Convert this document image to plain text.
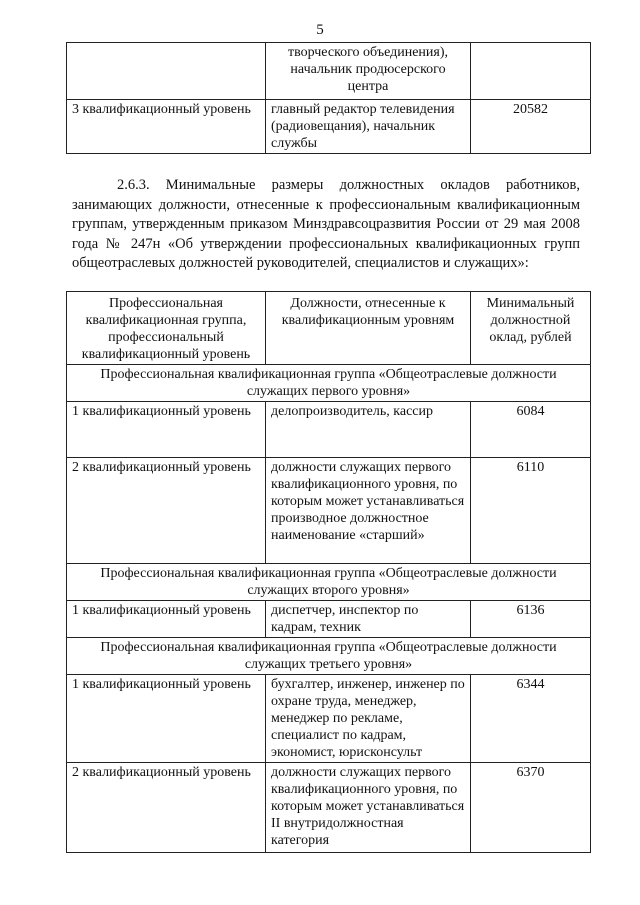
5
	творческого объединения), начальник продюсерского центра	
3 квалификационный уровень	главный редактор телевидения (радиовещания), начальник службы	20582
2.6.3. Минимальные размеры должностных окладов работников, занимающих должности, отнесенные к профессиональным квалификационным группам, утвержденным приказом Минздравсоцразвития России от 29 мая 2008 года № 247н «Об утверждении профессиональных квалификационных групп общеотраслевых должностей руководителей, специалистов и служащих»:
Профессиональная квалификационная группа, профессиональный квалификационный уровень	Должности, отнесенные к квалификационным уровням	Минимальный должностной оклад, рублей
Профессиональная квалификационная группа «Общеотраслевые должности служащих первого уровня»		
1 квалификационный уровень	делопроизводитель, кассир	6084
2 квалификационный уровень	должности служащих первого квалификационного уровня, по которым может устанавливаться производное должностное наименование «старший»	6110
Профессиональная квалификационная группа «Общеотраслевые должности служащих второго уровня»		
1 квалификационный уровень	диспетчер, инспектор по кадрам, техник	6136
Профессиональная квалификационная группа «Общеотраслевые должности служащих третьего уровня»		
1 квалификационный уровень	бухгалтер, инженер, инженер по охране труда, менеджер, менеджер по рекламе, специалист по кадрам, экономист, юрисконсульт	6344
2 квалификационный уровень	должности служащих первого квалификационного уровня, по которым может устанавливаться II внутридолжностная категория	6370
